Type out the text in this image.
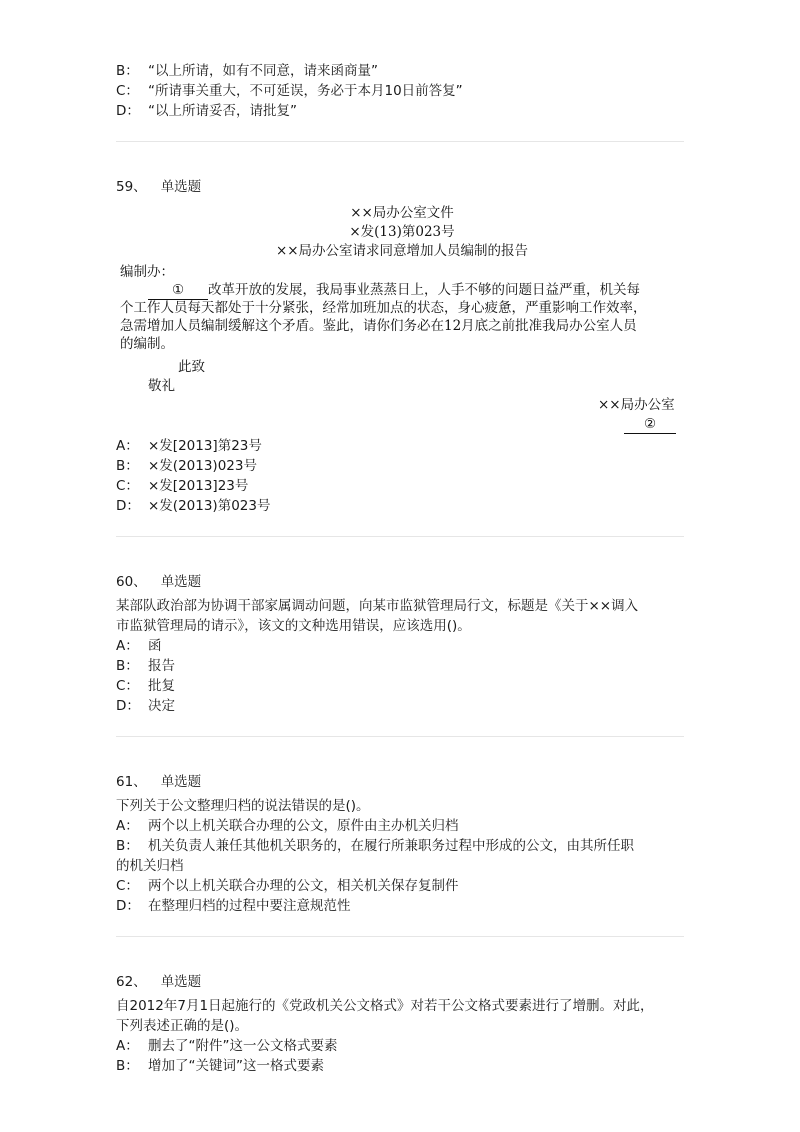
B： “以上所请，如有不同意，请来函商量”
C： “所请事关重大，不可延误，务必于本月10日前答复”
D： “以上所请妥否，请批复”
59、 单选题
××局办公室文件
×发(13)第023号
××局办公室请求同意增加人员编制的报告
编制办：
① 改革开放的发展，我局事业蒸蒸日上，人手不够的问题日益严重，机关每
个工作人员每天都处于十分紧张，经常加班加点的状态，身心疲惫，严重影响工作效率，
急需增加人员编制缓解这个矛盾。鉴此，请你们务必在12月底之前批准我局办公室人员
的编制。
此致
敬礼
××局办公室
②
A： ×发[2013]第23号
B： ×发(2013)023号
C： ×发[2013]23号
D： ×发(2013)第023号
60、 单选题
某部队政治部为协调干部家属调动问题，向某市监狱管理局行文，标题是《关于××调入
市监狱管理局的请示》，该文的文种选用错误，应该选用()。
A： 函
B： 报告
C： 批复
D： 决定
61、 单选题
下列关于公文整理归档的说法错误的是()。
A： 两个以上机关联合办理的公文，原件由主办机关归档
B： 机关负责人兼任其他机关职务的，在履行所兼职务过程中形成的公文，由其所任职
的机关归档
C： 两个以上机关联合办理的公文，相关机关保存复制件
D： 在整理归档的过程中要注意规范性
62、 单选题
自2012年7月1日起施行的《党政机关公文格式》对若干公文格式要素进行了增删。对此，
下列表述正确的是()。
A： 删去了“附件”这一公文格式要素
B： 增加了“关键词”这一格式要素
